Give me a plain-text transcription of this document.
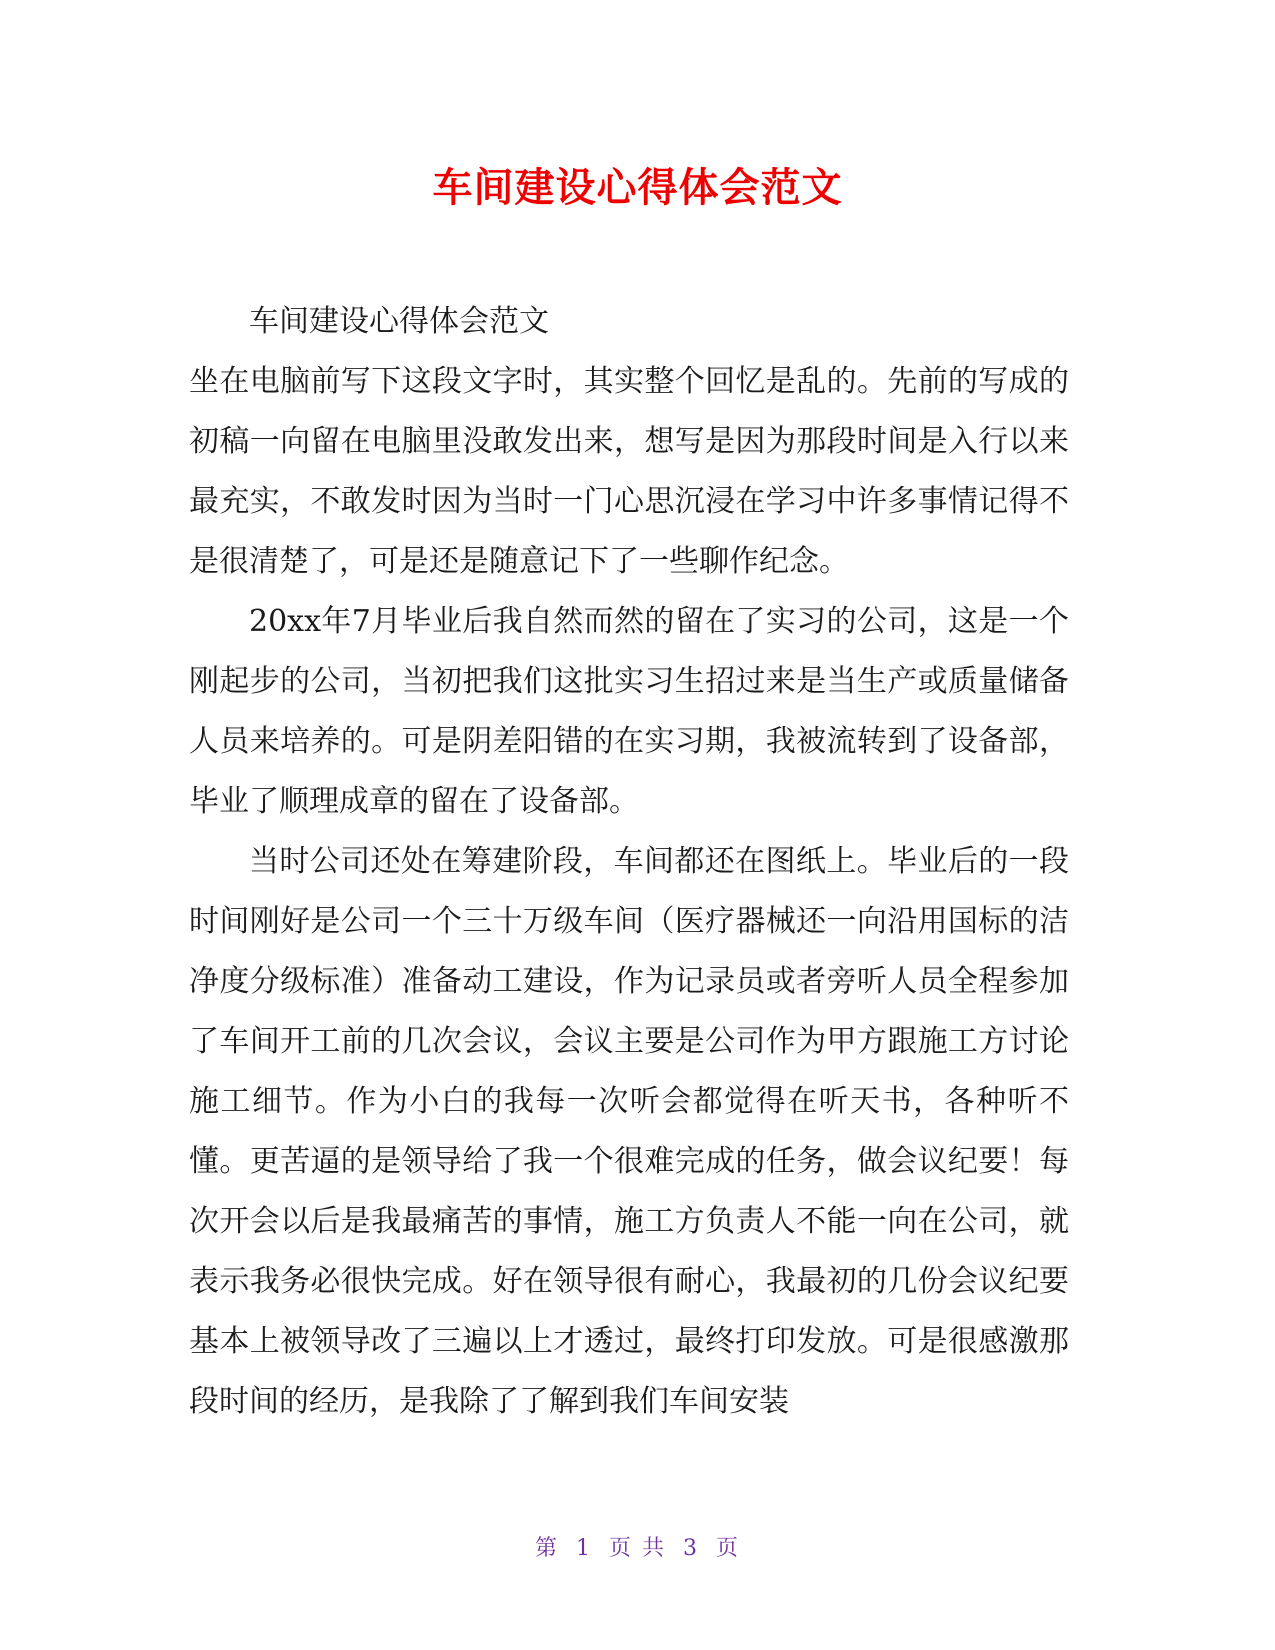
车间建设心得体会范文

车间建设心得体会范文

坐在电脑前写下这段文字时，其实整个回忆是乱的。先前的写成的初稿一向留在电脑里没敢发出来，想写是因为那段时间是入行以来最充实，不敢发时因为当时一门心思沉浸在学习中许多事情记得不是很清楚了，可是还是随意记下了一些聊作纪念。

20xx年7月毕业后我自然而然的留在了实习的公司，这是一个刚起步的公司，当初把我们这批实习生招过来是当生产或质量储备人员来培养的。可是阴差阳错的在实习期，我被流转到了设备部，毕业了顺理成章的留在了设备部。

当时公司还处在筹建阶段，车间都还在图纸上。毕业后的一段时间刚好是公司一个三十万级车间（医疗器械还一向沿用国标的洁净度分级标准）准备动工建设，作为记录员或者旁听人员全程参加了车间开工前的几次会议，会议主要是公司作为甲方跟施工方讨论施工细节。作为小白的我每一次听会都觉得在听天书，各种听不懂。更苦逼的是领导给了我一个很难完成的任务，做会议纪要！每次开会以后是我最痛苦的事情，施工方负责人不能一向在公司，就表示我务必很快完成。好在领导很有耐心，我最初的几份会议纪要基本上被领导改了三遍以上才透过，最终打印发放。可是很感激那段时间的经历，是我除了了解到我们车间安装

第 1 页 共 3 页
